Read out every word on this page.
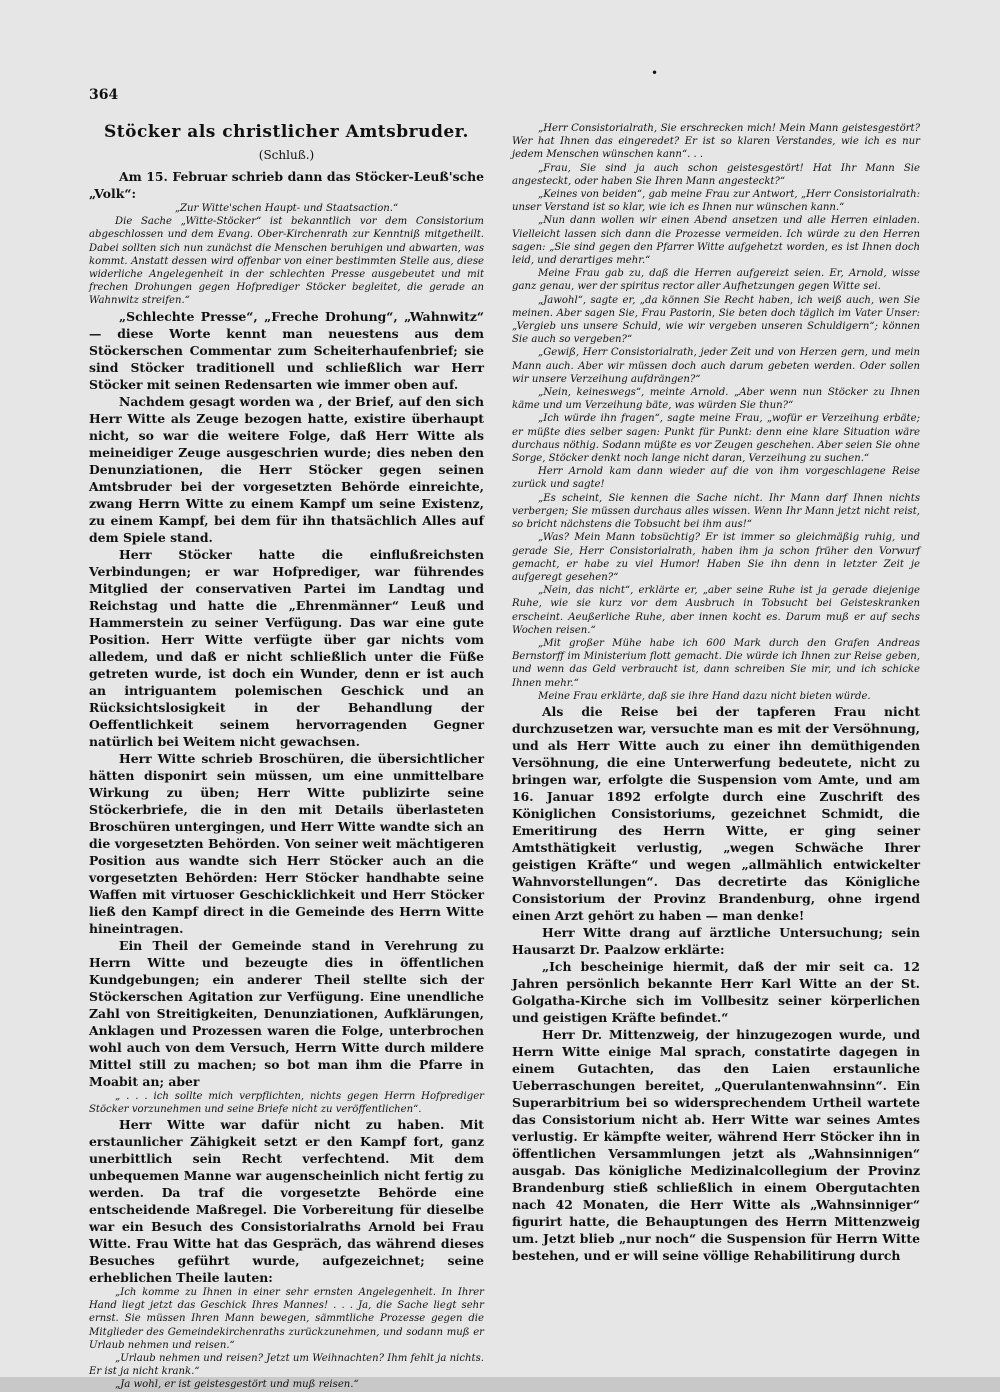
364
•
Stöcker als christlicher Amtsbruder.
(Schluß.)

Am 15. Februar schrieb dann das Stöcker-Leuß'sche „Volk“:

„Zur Witte'schen Haupt- und Staatsaction.“

Die Sache „Witte-Stöcker“ ist bekanntlich vor dem Consistorium abgeschlossen und dem Evang. Ober-Kirchenrath zur Kenntniß mitgetheilt. Dabei sollten sich nun zunächst die Menschen beruhigen und abwarten, was kommt. Anstatt dessen wird offenbar von einer bestimmten Stelle aus, diese widerliche Angelegenheit in der schlechten Presse ausgebeutet und mit frechen Drohungen gegen Hofprediger Stöcker begleitet, die gerade an Wahnwitz streifen.“

„Schlechte Presse“, „Freche Drohung“, „Wahnwitz“ — diese Worte kennt man neuestens aus dem Stöckerschen Commentar zum Scheiterhaufenbrief; sie sind Stöcker traditionell und schließlich war Herr Stöcker mit seinen Redensarten wie immer oben auf.

Nachdem gesagt worden wa , der Brief, auf den sich Herr Witte als Zeuge bezogen hatte, existire überhaupt nicht, so war die weitere Folge, daß Herr Witte als meineidiger Zeuge ausgeschrien wurde; dies neben den Denunziationen, die Herr Stöcker gegen seinen Amtsbruder bei der vorgesetzten Behörde einreichte, zwang Herrn Witte zu einem Kampf um seine Existenz, zu einem Kampf, bei dem für ihn thatsächlich Alles auf dem Spiele stand.

Herr Stöcker hatte die einflußreichsten Verbindungen; er war Hofprediger, war führendes Mitglied der conservativen Partei im Landtag und Reichstag und hatte die „Ehrenmänner“ Leuß und Hammerstein zu seiner Verfügung. Das war eine gute Position. Herr Witte verfügte über gar nichts vom alledem, und daß er nicht schließlich unter die Füße getreten wurde, ist doch ein Wunder, denn er ist auch an intriguantem polemischen Geschick und an Rücksichtslosigkeit in der Behandlung der Oeffentlichkeit seinem hervorragenden Gegner natürlich bei Weitem nicht gewachsen.

Herr Witte schrieb Broschüren, die übersichtlicher hätten disponirt sein müssen, um eine unmittelbare Wirkung zu üben; Herr Witte publizirte seine Stöckerbriefe, die in den mit Details überlasteten Broschüren untergingen, und Herr Witte wandte sich an die vorgesetzten Behörden. Von seiner weit mächtigeren Position aus wandte sich Herr Stöcker auch an die vorgesetzten Behörden: Herr Stöcker handhabte seine Waffen mit virtuoser Geschicklichkeit und Herr Stöcker ließ den Kampf direct in die Gemeinde des Herrn Witte hineintragen.

Ein Theil der Gemeinde stand in Verehrung zu Herrn Witte und bezeugte dies in öffentlichen Kundgebungen; ein anderer Theil stellte sich der Stöckerschen Agitation zur Verfügung. Eine unendliche Zahl von Streitigkeiten, Denunziationen, Aufklärungen, Anklagen und Prozessen waren die Folge, unterbrochen wohl auch von dem Versuch, Herrn Witte durch mildere Mittel still zu machen; so bot man ihm die Pfarre in Moabit an; aber

„ . . . ich sollte mich verpflichten, nichts gegen Herrn Hofprediger Stöcker vorzunehmen und seine Briefe nicht zu veröffentlichen“.

Herr Witte war dafür nicht zu haben. Mit erstaunlicher Zähigkeit setzt er den Kampf fort, ganz unerbittlich sein Recht verfechtend. Mit dem unbequemen Manne war augenscheinlich nicht fertig zu werden. Da traf die vorgesetzte Behörde eine entscheidende Maßregel. Die Vorbereitung für dieselbe war ein Besuch des Consistorialraths Arnold bei Frau Witte. Frau Witte hat das Gespräch, das während dieses Besuches geführt wurde, aufgezeichnet; seine erheblichen Theile lauten:

„Ich komme zu Ihnen in einer sehr ernsten Angelegenheit. In Ihrer Hand liegt jetzt das Geschick Ihres Mannes! . . . Ja, die Sache liegt sehr ernst. Sie müssen Ihren Mann bewegen, sämmtliche Prozesse gegen die Mitglieder des Gemeindekirchenraths zurückzunehmen, und sodann muß er Urlaub nehmen und reisen.“

„Urlaub nehmen und reisen? Jetzt um Weihnachten? Ihm fehlt ja nichts. Er ist ja nicht krank.“

„Ja wohl, er ist geistesgestört und muß reisen.“

„Herr Consistorialrath, Sie erschrecken mich! Mein Mann geistesgestört? Wer hat Ihnen das eingeredet? Er ist so klaren Verstandes, wie ich es nur jedem Menschen wünschen kann“. . .

„Frau, Sie sind ja auch schon geistesgestört! Hat Ihr Mann Sie angesteckt, oder haben Sie Ihren Mann angesteckt?“

„Keines von beiden“, gab meine Frau zur Antwort, „Herr Consistorialrath: unser Verstand ist so klar, wie ich es Ihnen nur wünschen kann.“

„Nun dann wollen wir einen Abend ansetzen und alle Herren einladen. Vielleicht lassen sich dann die Prozesse vermeiden. Ich würde zu den Herren sagen: „Sie sind gegen den Pfarrer Witte aufgehetzt worden, es ist Ihnen doch leid, und derartiges mehr.“

Meine Frau gab zu, daß die Herren aufgereizt seien. Er, Arnold, wisse ganz genau, wer der spiritus rector aller Aufhetzungen gegen Witte sei.

„Jawohl“, sagte er, „da können Sie Recht haben, ich weiß auch, wen Sie meinen. Aber sagen Sie, Frau Pastorin, Sie beten doch täglich im Vater Unser: „Vergieb uns unsere Schuld, wie wir vergeben unseren Schuldigern“; können Sie auch so vergeben?“

„Gewiß, Herr Consistorialrath, jeder Zeit und von Herzen gern, und mein Mann auch. Aber wir müssen doch auch darum gebeten werden. Oder sollen wir unsere Verzeihung aufdrängen?“

„Nein, keineswegs“, meinte Arnold. „Aber wenn nun Stöcker zu Ihnen käme und um Verzeihung bäte, was würden Sie thun?“

„Ich würde ihn fragen“, sagte meine Frau, „wofür er Verzeihung erbäte; er müßte dies selber sagen: Punkt für Punkt: denn eine klare Situation wäre durchaus nöthig. Sodann müßte es vor Zeugen geschehen. Aber seien Sie ohne Sorge, Stöcker denkt noch lange nicht daran, Verzeihung zu suchen.“

Herr Arnold kam dann wieder auf die von ihm vorgeschlagene Reise zurück und sagte!

„Es scheint, Sie kennen die Sache nicht. Ihr Mann darf Ihnen nichts verbergen; Sie müssen durchaus alles wissen. Wenn Ihr Mann jetzt nicht reist, so bricht nächstens die Tobsucht bei ihm aus!“

„Was? Mein Mann tobsüchtig? Er ist immer so gleichmäßig ruhig, und gerade Sie, Herr Consistorialrath, haben ihm ja schon früher den Vorwurf gemacht, er habe zu viel Humor! Haben Sie ihn denn in letzter Zeit je aufgeregt gesehen?“

„Nein, das nicht“, erklärte er, „aber seine Ruhe ist ja gerade diejenige Ruhe, wie sie kurz vor dem Ausbruch in Tobsucht bei Geisteskranken erscheint. Aeußerliche Ruhe, aber innen kocht es. Darum muß er auf sechs Wochen reisen.“

„Mit großer Mühe habe ich 600 Mark durch den Grafen Andreas Bernstorff im Ministerium flott gemacht. Die würde ich Ihnen zur Reise geben, und wenn das Geld verbraucht ist, dann schreiben Sie mir, und ich schicke Ihnen mehr.“

Meine Frau erklärte, daß sie ihre Hand dazu nicht bieten würde.

Als die Reise bei der tapferen Frau nicht durchzusetzen war, versuchte man es mit der Versöhnung, und als Herr Witte auch zu einer ihn demüthigenden Versöhnung, die eine Unterwerfung bedeutete, nicht zu bringen war, erfolgte die Suspension vom Amte, und am 16. Januar 1892 erfolgte durch eine Zuschrift des Königlichen Consistoriums, gezeichnet Schmidt, die Emeritirung des Herrn Witte, er ging seiner Amtsthätigkeit verlustig, „wegen Schwäche Ihrer geistigen Kräfte“ und wegen „allmählich entwickelter Wahnvorstellungen“. Das decretirte das Königliche Consistorium der Provinz Brandenburg, ohne irgend einen Arzt gehört zu haben — man denke!

Herr Witte drang auf ärztliche Untersuchung; sein Hausarzt Dr. Paalzow erklärte:

„Ich bescheinige hiermit, daß der mir seit ca. 12 Jahren persönlich bekannte Herr Karl Witte an der St. Golgatha-Kirche sich im Vollbesitz seiner körperlichen und geistigen Kräfte befindet.“

Herr Dr. Mittenzweig, der hinzugezogen wurde, und Herrn Witte einige Mal sprach, constatirte dagegen in einem Gutachten, das den Laien erstaunliche Ueberraschungen bereitet, „Querulantenwahnsinn“. Ein Superarbitrium bei so widersprechendem Urtheil wartete das Consistorium nicht ab. Herr Witte war seines Amtes verlustig. Er kämpfte weiter, während Herr Stöcker ihn in öffentlichen Versammlungen jetzt als „Wahnsinnigen“ ausgab. Das königliche Medizinalcollegium der Provinz Brandenburg stieß schließlich in einem Obergutachten nach 42 Monaten, die Herr Witte als „Wahnsinniger“ figurirt hatte, die Behauptungen des Herrn Mittenzweig um. Jetzt blieb „nur noch“ die Suspension für Herrn Witte bestehen, und er will seine völlige Rehabilitirung durch
